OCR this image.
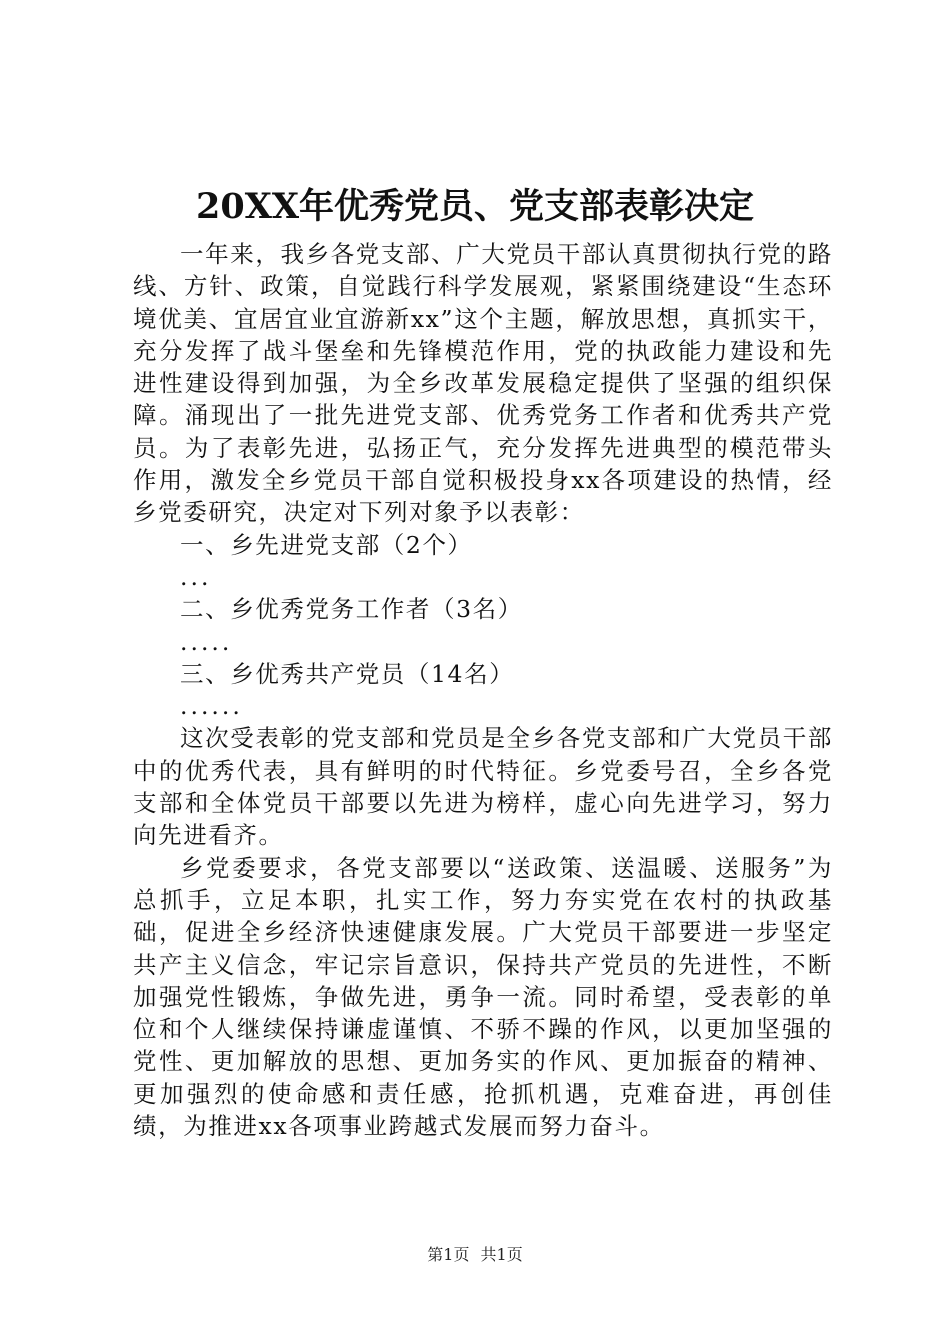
20XX年优秀党员、党支部表彰决定

一年来，我乡各党支部、广大党员干部认真贯彻执行党的路线、方针、政策，自觉践行科学发展观，紧紧围绕建设“生态环境优美、宜居宜业宜游新xx”这个主题，解放思想，真抓实干，充分发挥了战斗堡垒和先锋模范作用，党的执政能力建设和先进性建设得到加强，为全乡改革发展稳定提供了坚强的组织保障。涌现出了一批先进党支部、优秀党务工作者和优秀共产党员。为了表彰先进，弘扬正气，充分发挥先进典型的模范带头作用，激发全乡党员干部自觉积极投身xx各项建设的热情，经乡党委研究，决定对下列对象予以表彰：

一、乡先进党支部（2个）

...

二、乡优秀党务工作者（3名）

.....

三、乡优秀共产党员（14名）

......

这次受表彰的党支部和党员是全乡各党支部和广大党员干部中的优秀代表，具有鲜明的时代特征。乡党委号召，全乡各党支部和全体党员干部要以先进为榜样，虚心向先进学习，努力向先进看齐。

乡党委要求，各党支部要以“送政策、送温暖、送服务”为总抓手，立足本职，扎实工作，努力夯实党在农村的执政基础，促进全乡经济快速健康发展。广大党员干部要进一步坚定共产主义信念，牢记宗旨意识，保持共产党员的先进性，不断加强党性锻炼，争做先进，勇争一流。同时希望，受表彰的单位和个人继续保持谦虚谨慎、不骄不躁的作风，以更加坚强的党性、更加解放的思想、更加务实的作风、更加振奋的精神、更加强烈的使命感和责任感，抢抓机遇，克难奋进，再创佳绩，为推进xx各项事业跨越式发展而努力奋斗。

第1页 共1页
